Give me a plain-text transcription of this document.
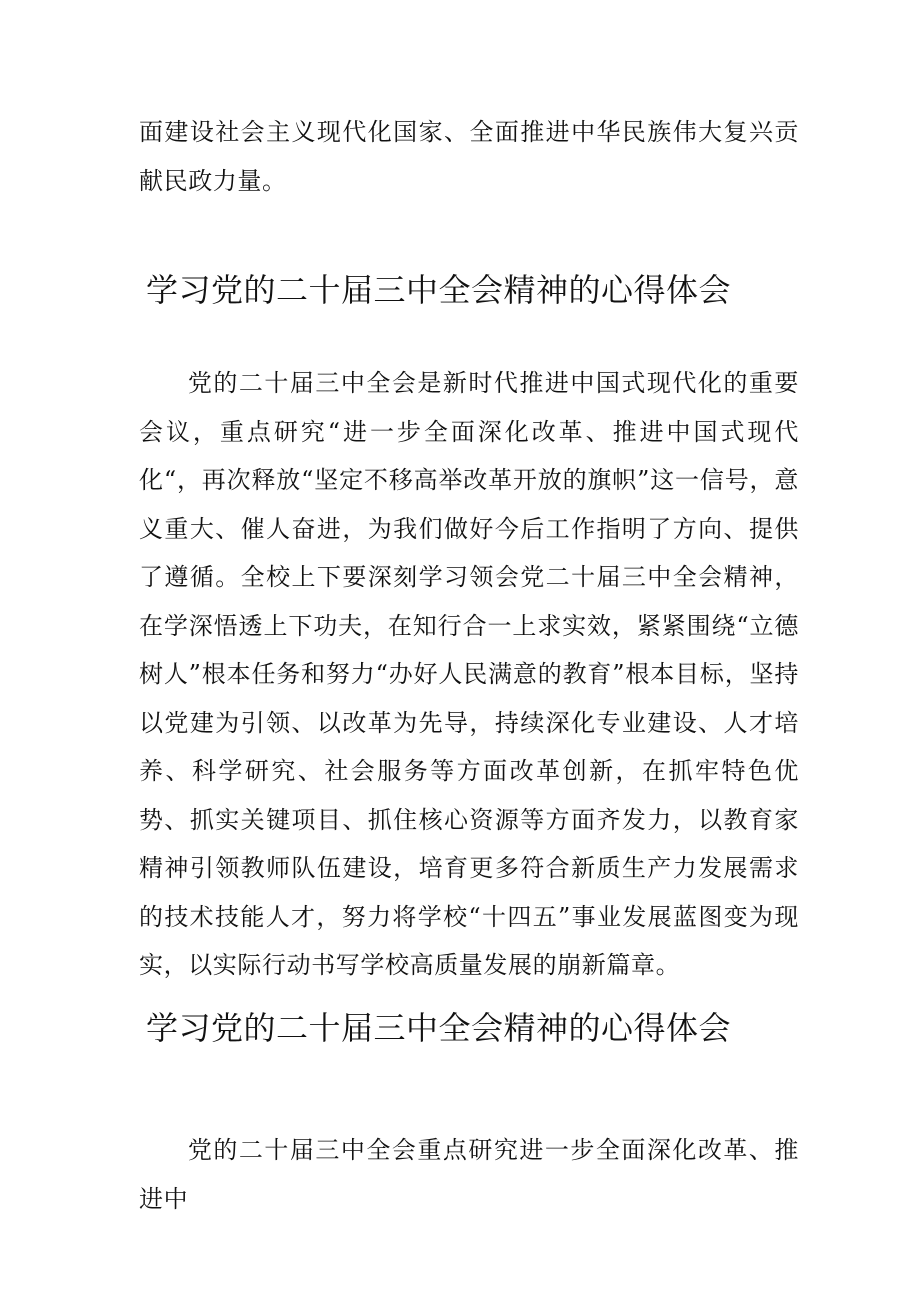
面建设社会主义现代化国家、全面推进中华民族伟大复兴贡献民政力量。

学习党的二十届三中全会精神的心得体会

党的二十届三中全会是新时代推进中国式现代化的重要会议，重点研究“进一步全面深化改革、推进中国式现代化“，再次释放“坚定不移高举改革开放的旗帜”这一信号，意义重大、催人奋进，为我们做好今后工作指明了方向、提供了遵循。全校上下要深刻学习领会党二十届三中全会精神，在学深悟透上下功夫，在知行合一上求实效，紧紧围绕“立德树人”根本任务和努力“办好人民满意的教育”根本目标，坚持以党建为引领、以改革为先导，持续深化专业建设、人才培养、科学研究、社会服务等方面改革创新，在抓牢特色优势、抓实关键项目、抓住核心资源等方面齐发力，以教育家精神引领教师队伍建设，培育更多符合新质生产力发展需求的技术技能人才，努力将学校“十四五”事业发展蓝图变为现实，以实际行动书写学校高质量发展的崩新篇章。

学习党的二十届三中全会精神的心得体会

党的二十届三中全会重点研究进一步全面深化改革、推进中
